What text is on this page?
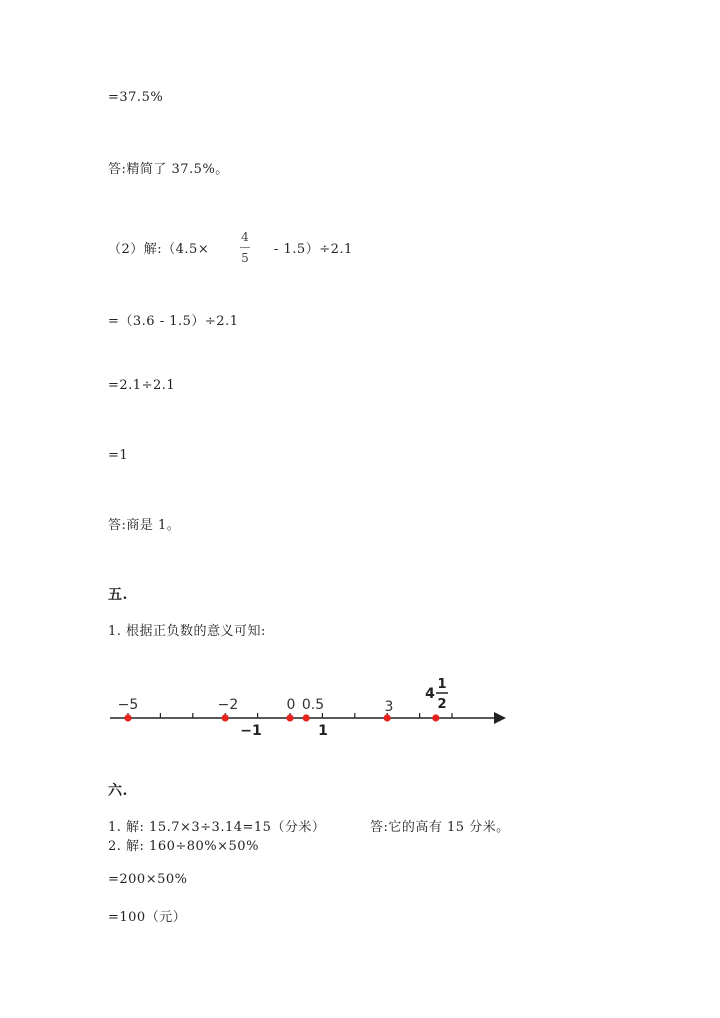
=37.5%
答:精简了 37.5%。
（2）解:（4.5×
4
5
- 1.5）÷2.1
=（3.6 - 1.5）÷2.1
=2.1÷2.1
=1
答:商是 1。
五.
1. 根据正负数的意义可知:
−5	−2	0 0.5	3
−1	1
4
1
2
六.
1. 解: 15.7×3÷3.14=15（分米）	答:它的高有 15 分米。
2. 解: 160÷80%×50%
=200×50%
=100（元）
